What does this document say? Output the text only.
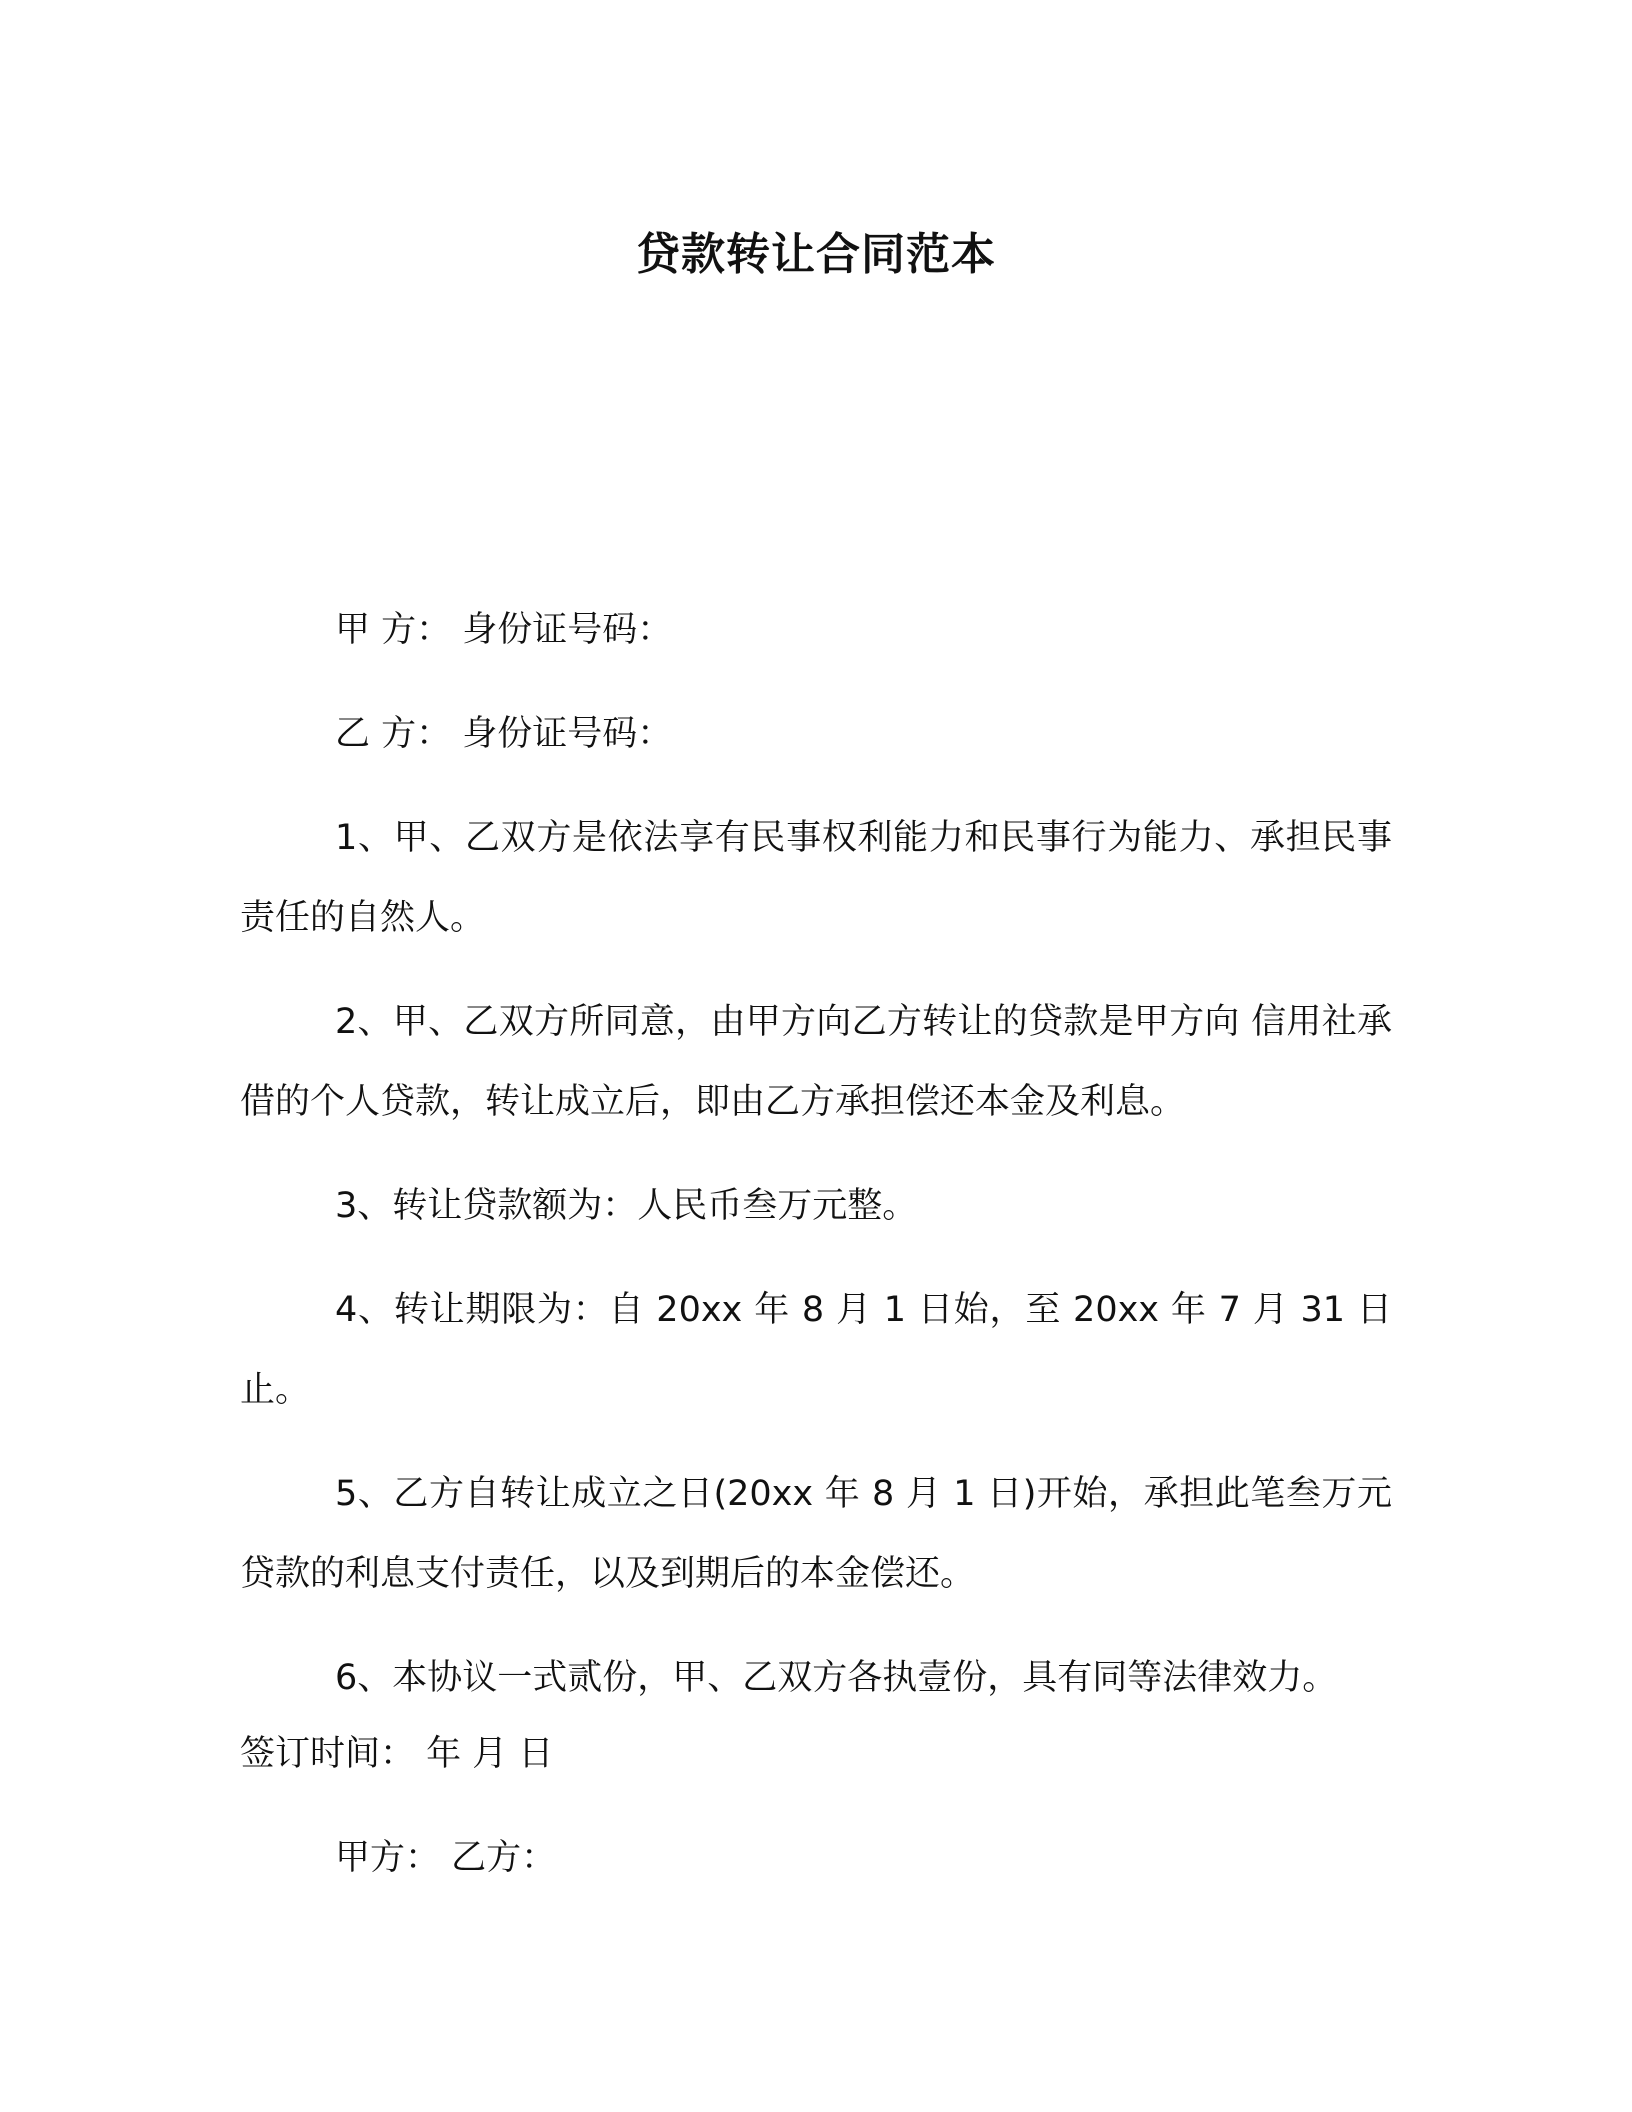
贷款转让合同范本

甲 方： 身份证号码：

乙 方： 身份证号码：

1、甲、乙双方是依法享有民事权利能力和民事行为能力、承担民事责任的自然人。

2、甲、乙双方所同意，由甲方向乙方转让的贷款是甲方向 信用社承借的个人贷款，转让成立后，即由乙方承担偿还本金及利息。

3、转让贷款额为：人民币叁万元整。

4、转让期限为：自 20xx 年 8 月 1 日始，至 20xx 年 7 月 31 日止。

5、乙方自转让成立之日(20xx 年 8 月 1 日)开始，承担此笔叁万元贷款的利息支付责任，以及到期后的本金偿还。

6、本协议一式贰份，甲、乙双方各执壹份，具有同等法律效力。

签订时间： 年 月 日

甲方： 乙方：
